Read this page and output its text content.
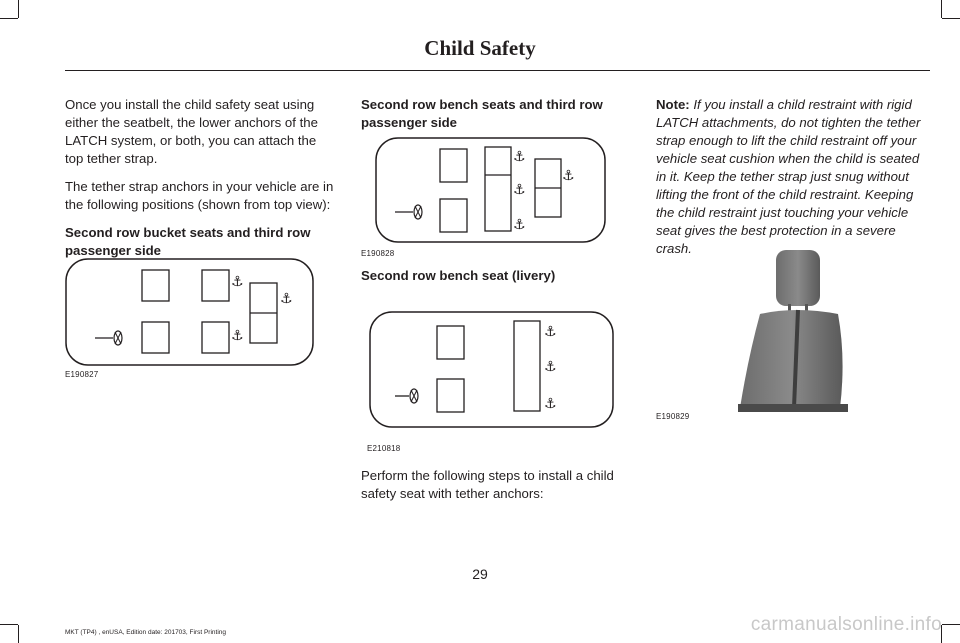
Child Safety

Once you install the child safety seat using either the seatbelt, the lower anchors of the LATCH system, or both, you can attach the top tether strap.

The tether strap anchors in your vehicle are in the following positions (shown from top view):

Second row bucket seats and third row passenger side

⚓
⚓
⚓
E190827

Second row bench seats and third row passenger side

⚓
⚓
⚓
⚓
E190828

Second row bench seat (livery)

⚓
⚓
⚓
E210818

Perform the following steps to install a child safety seat with tether anchors:

Note: If you install a child restraint with rigid LATCH attachments, do not tighten the tether strap enough to lift the child restraint off your vehicle seat cushion when the child is seated in it. Keep the tether strap just snug without lifting the front of the child restraint. Keeping the child restraint just touching your vehicle seat gives the best protection in a severe crash.
E190829
29
MKT (TP4) , enUSA, Edition date: 201703, First Printing	carmanualsonline.info
